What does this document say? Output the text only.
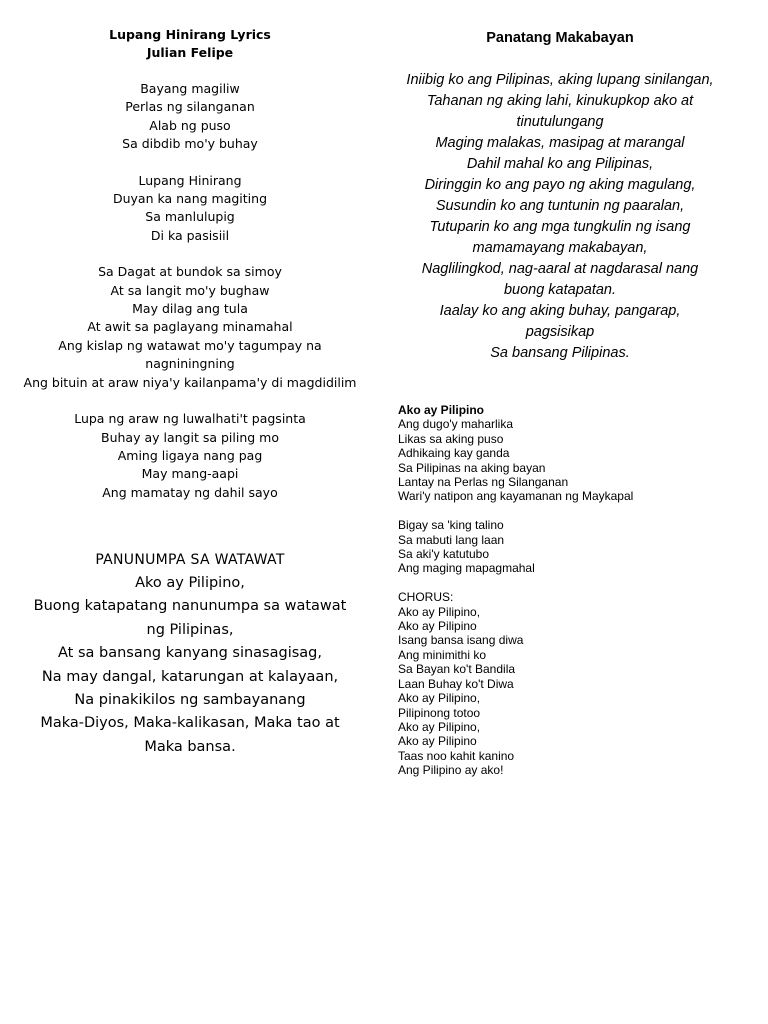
Lupang Hinirang Lyrics
Julian Felipe
Bayang magiliw
Perlas ng silanganan
Alab ng puso
Sa dibdib mo'y buhay
Lupang Hinirang
Duyan ka nang magiting
Sa manlulupig
Di ka pasisiil
Sa Dagat at bundok sa simoy
At sa langit mo'y bughaw
May dilag ang tula
At awit sa paglayang minamahal
Ang kislap ng watawat mo'y tagumpay na nagniningning
Ang bituin at araw niya'y kailanpama'y di magdidilim
Lupa ng araw ng luwalhati't pagsinta
Buhay ay langit sa piling mo
Aming ligaya nang pag
May mang-aapi
Ang mamatay ng dahil sayo
PANUNUMPA SA WATAWAT
Ako ay Pilipino,
Buong katapatang nanunumpa sa watawat
ng Pilipinas,
At sa bansang kanyang sinasagisag,
Na may dangal, katarungan at kalayaan,
Na pinakikilos ng sambayanang
Maka-Diyos, Maka-kalikasan, Maka tao at
Maka bansa.
Panatang Makabayan
Iniibig ko ang Pilipinas, aking lupang sinilangan,
Tahanan ng aking lahi, kinukupkop ako at
tinutulungang
Maging malakas, masipag at marangal
Dahil mahal ko ang Pilipinas,
Diringgin ko ang payo ng aking magulang,
Susundin ko ang tuntunin ng paaralan,
Tutuparin ko ang mga tungkulin ng isang
mamamayang makabayan,
Naglilingkod, nag-aaral at nagdarasal nang
buong katapatan.
Iaalay ko ang aking buhay, pangarap,
pagsisikap
Sa bansang Pilipinas.
Ako ay Pilipino
Ang dugo'y maharlika
Likas sa aking puso
Adhikaing kay ganda
Sa Pilipinas na aking bayan
Lantay na Perlas ng Silanganan
Wari'y natipon ang kayamanan ng Maykapal
Bigay sa 'king talino
Sa mabuti lang laan
Sa aki'y katutubo
Ang maging mapagmahal
CHORUS:
Ako ay Pilipino,
Ako ay Pilipino
Isang bansa isang diwa
Ang minimithi ko
Sa Bayan ko't Bandila
Laan Buhay ko't Diwa
Ako ay Pilipino,
Pilipinong totoo
Ako ay Pilipino,
Ako ay Pilipino
Taas noo kahit kanino
Ang Pilipino ay ako!
